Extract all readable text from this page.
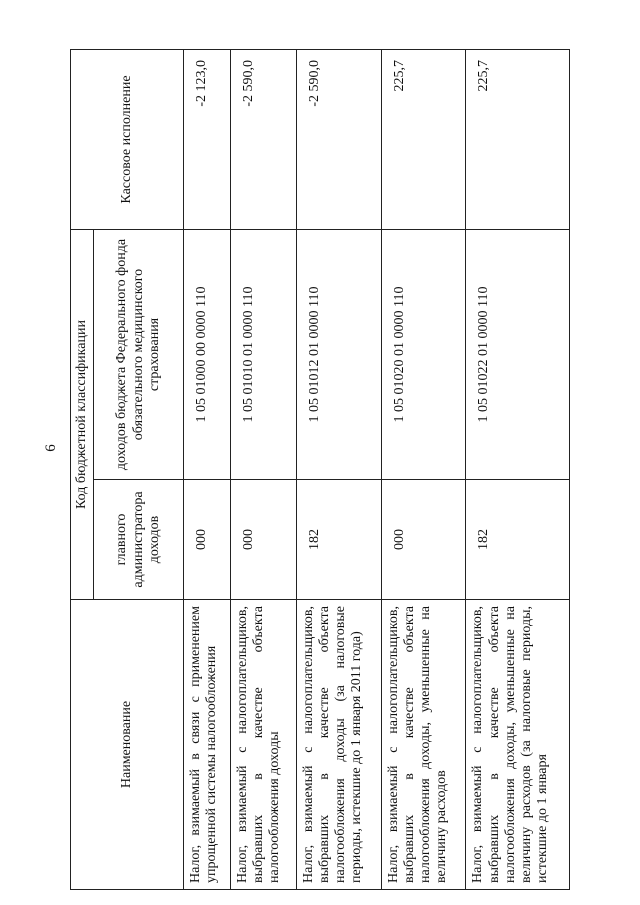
6
Наименование	Код бюджетной классификации		Кассовое исполнение
	главного администратора доходов	доходов бюджета Федерального фонда обязательного медицинского страхования	
Налог, взимаемый в связи с применением упрощенной системы налогообложения	000	1 05 01000 00 0000 110	-2 123,0
Налог, взимаемый с налогоплательщиков, выбравших в качестве объекта налогообложения доходы	000	1 05 01010 01 0000 110	-2 590,0
Налог, взимаемый с налогоплательщиков, выбравших в качестве объекта налогообложения доходы (за налоговые периоды, истекшие до 1 января 2011 года)	182	1 05 01012 01 0000 110	-2 590,0
Налог, взимаемый с налогоплательщиков, выбравших в качестве объекта налогообложения доходы, уменьшенные на величину расходов	000	1 05 01020 01 0000 110	225,7
Налог, взимаемый с налогоплательщиков, выбравших в качестве объекта налогообложения доходы, уменьшенные на величину расходов (за налоговые периоды, истекшие до 1 января	182	1 05 01022 01 0000 110	225,7
